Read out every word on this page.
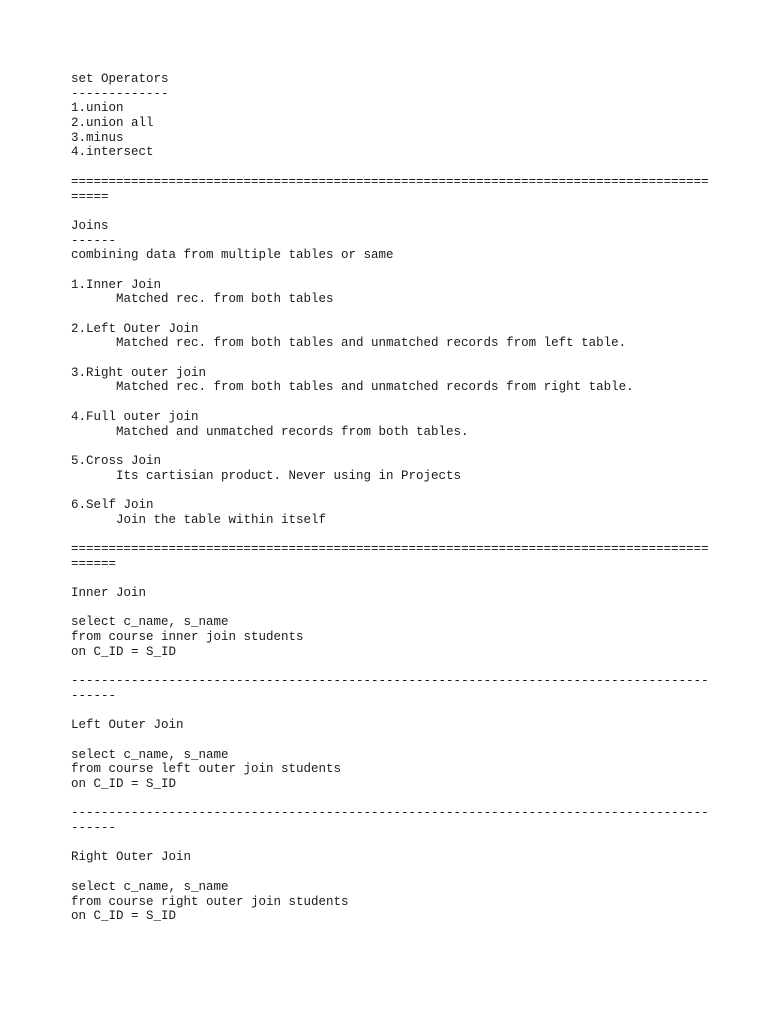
set Operators
-------------
1.union
2.union all
3.minus
4.intersect
=====================================================================================
=====
Joins
------
combining data from multiple tables or same
1.Inner Join
Matched rec. from both tables
2.Left Outer Join
Matched rec. from both tables and unmatched records from left table.
3.Right outer join
Matched rec. from both tables and unmatched records from right table.
4.Full outer join
Matched and unmatched records from both tables.
5.Cross Join
Its cartisian product. Never using in Projects
6.Self Join
Join the table within itself
=====================================================================================
======
Inner Join
select c_name, s_name
from course inner join students
on C_ID = S_ID
-------------------------------------------------------------------------------------
------
Left Outer Join
select c_name, s_name
from course left outer join students
on C_ID = S_ID
-------------------------------------------------------------------------------------
------
Right Outer Join
select c_name, s_name
from course right outer join students
on C_ID = S_ID
